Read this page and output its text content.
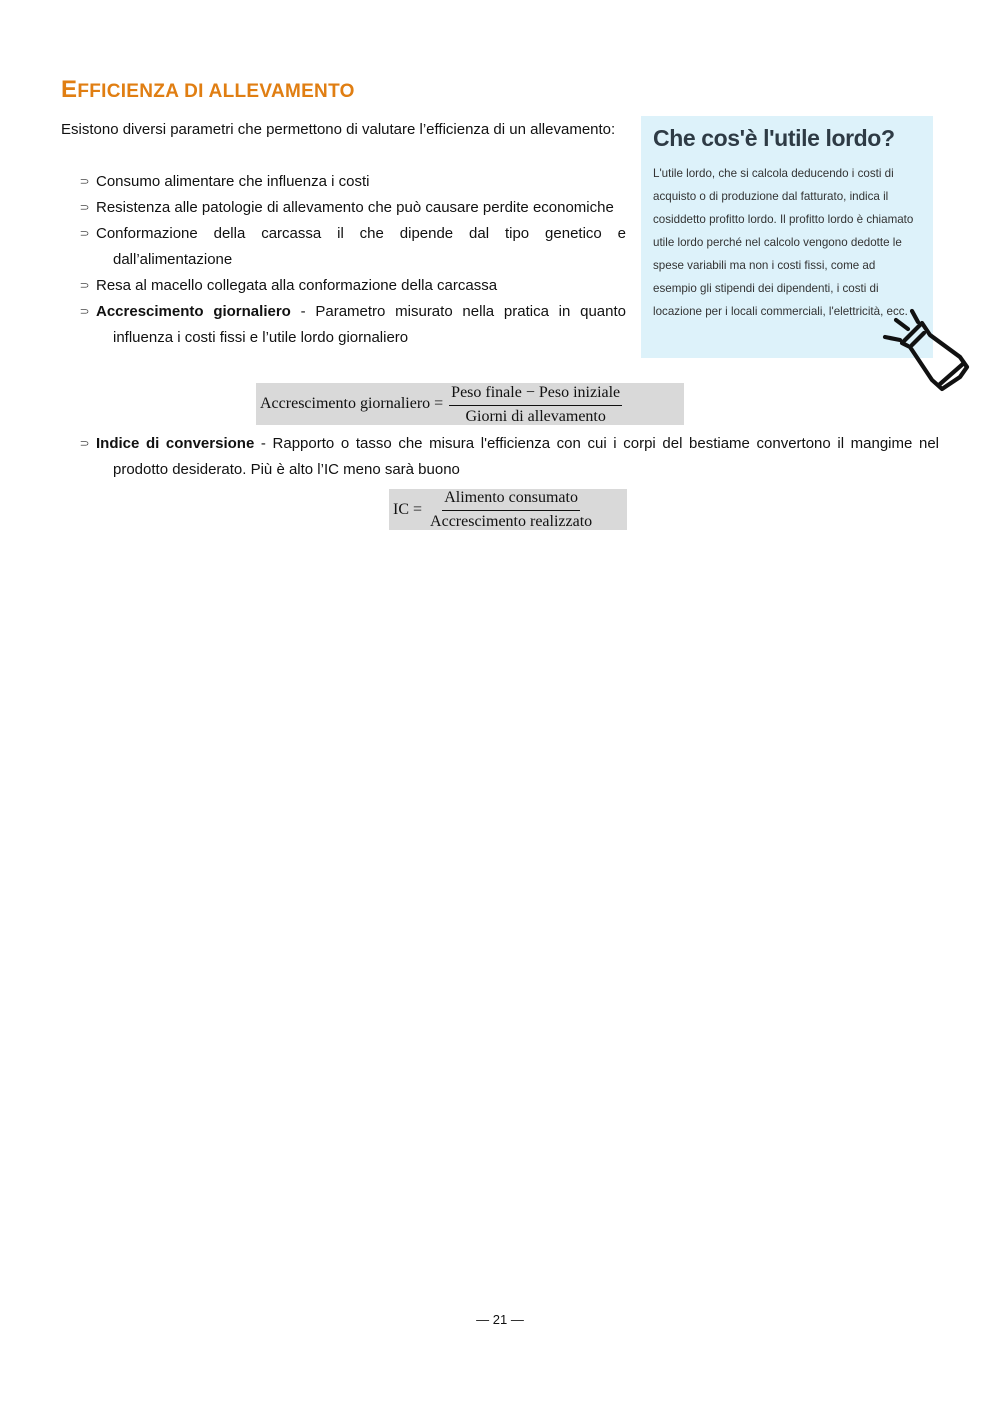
EFFICIENZA DI ALLEVAMENTO
Esistono diversi parametri che permettono di valutare l’efficienza di un allevamento:
⸧ Consumo alimentare che influenza i costi
⸧ Resistenza alle patologie di allevamento che può causare perdite economiche
⸧ Conformazione della carcassa il che dipende dal tipo genetico e dall’alimentazione
⸧ Resa al macello collegata alla conformazione della carcassa
⸧ Accrescimento giornaliero - Parametro misurato nella pratica in quanto influenza i costi fissi e l’utile lordo giornaliero
Accrescimento giornaliero = $\frac{\text{Peso finale − Peso iniziale}}{\text{Giorni di allevamento}}$
⸧ Indice di conversione - Rapporto o tasso che misura l'efficienza con cui i corpi del bestiame convertono il mangime nel prodotto desiderato. Più è alto l’IC meno sarà buono
IC = $\frac{\text{Alimento consumato}}{\text{Accrescimento realizzato}}$
Che cos'è l'utile lordo?

L'utile lordo, che si calcola deducendo i costi di acquisto o di produzione dal fatturato, indica il cosiddetto profitto lordo. Il profitto lordo è chiamato utile lordo perché nel calcolo vengono dedotte le spese variabili ma non i costi fissi, come ad esempio gli stipendi dei dipendenti, i costi di locazione per i locali commerciali, l'elettricità, ecc.

— 21 —
